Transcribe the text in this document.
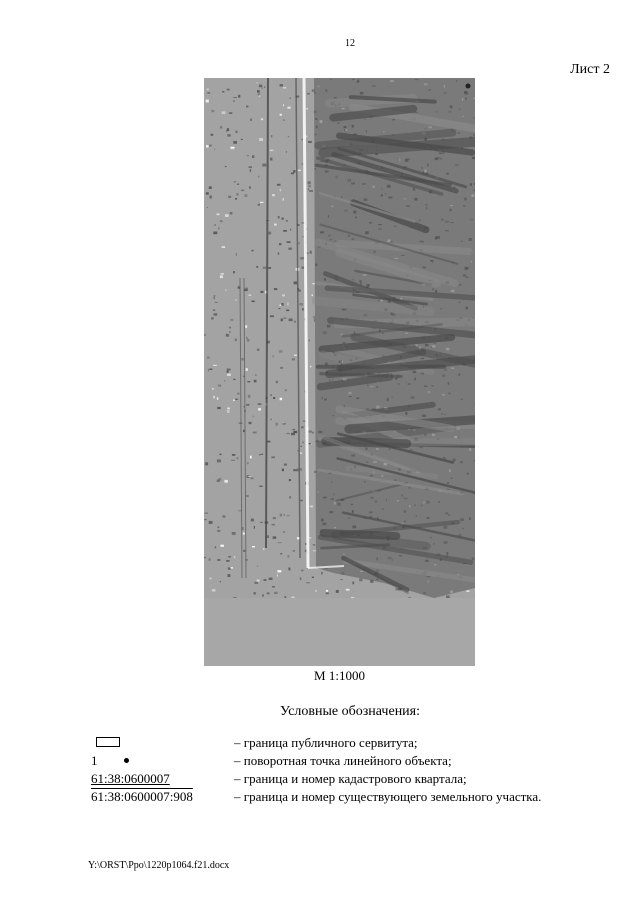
12
Лист 2
М 1:1000
Условные обозначения:
– граница публичного сервитута;
1	– поворотная точка линейного объекта;
61:38:0600007	– граница и номер кадастрового квартала;
61:38:0600007:908	– граница и номер существующего земельного участка.
Y:\ORST\Ppo\1220p1064.f21.docx
